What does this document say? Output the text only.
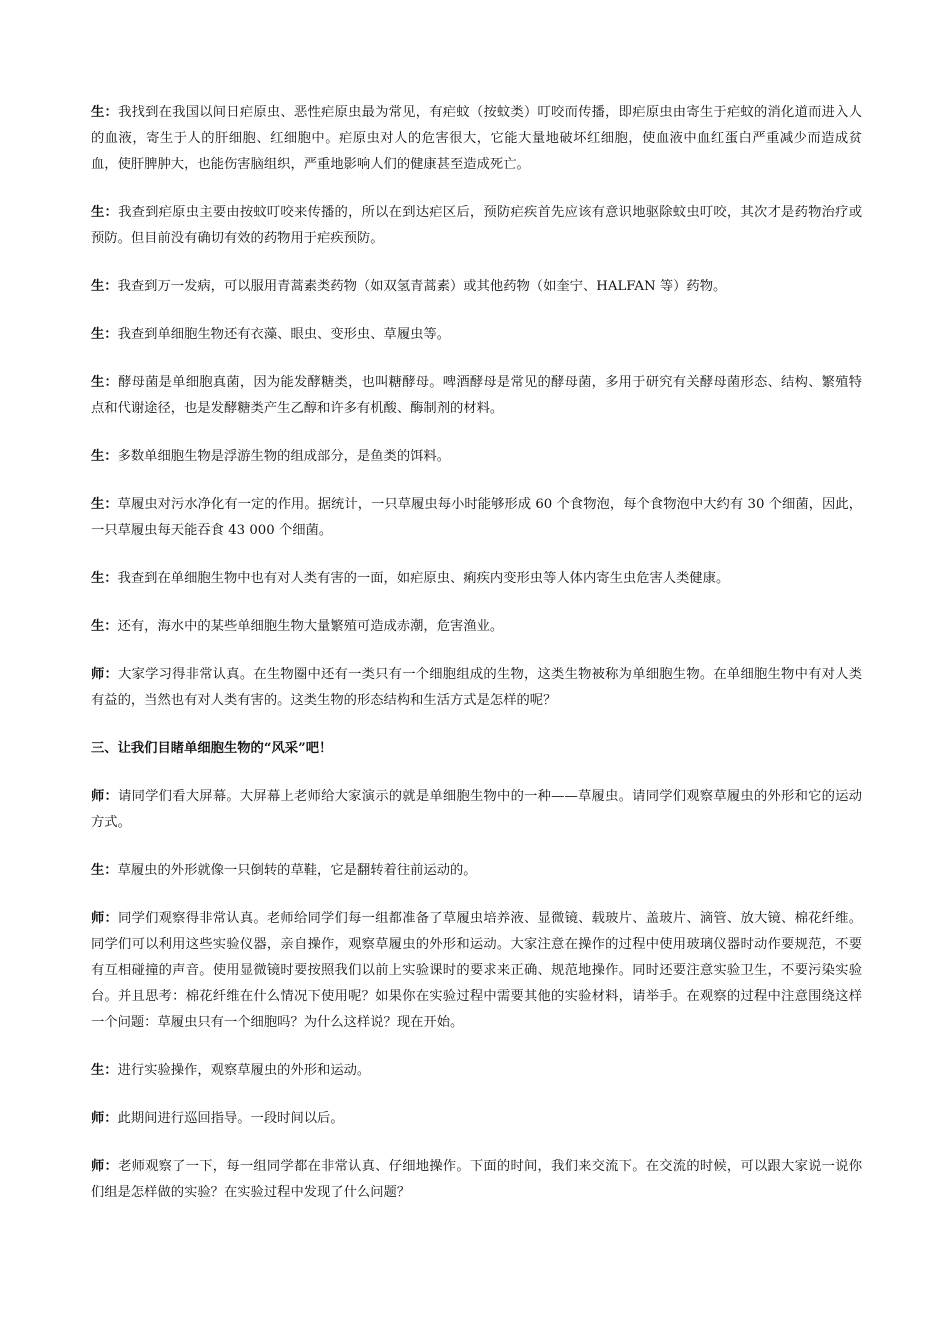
生：我找到在我国以间日疟原虫、恶性疟原虫最为常见，有疟蚊（按蚊类）叮咬而传播，即疟原虫由寄生于疟蚊的消化道而进入人的血液，寄生于人的肝细胞、红细胞中。疟原虫对人的危害很大，它能大量地破坏红细胞，使血液中血红蛋白严重减少而造成贫血，使肝脾肿大，也能伤害脑组织，严重地影响人们的健康甚至造成死亡。

生：我查到疟原虫主要由按蚊叮咬来传播的，所以在到达疟区后，预防疟疾首先应该有意识地驱除蚊虫叮咬，其次才是药物治疗或预防。但目前没有确切有效的药物用于疟疾预防。

生：我查到万一发病，可以服用青蒿素类药物（如双氢青蒿素）或其他药物（如奎宁、HALFAN 等）药物。

生：我查到单细胞生物还有衣藻、眼虫、变形虫、草履虫等。

生：酵母菌是单细胞真菌，因为能发酵糖类，也叫糖酵母。啤酒酵母是常见的酵母菌，多用于研究有关酵母菌形态、结构、繁殖特点和代谢途径，也是发酵糖类产生乙醇和许多有机酸、酶制剂的材料。

生：多数单细胞生物是浮游生物的组成部分，是鱼类的饵料。

生：草履虫对污水净化有一定的作用。据统计，一只草履虫每小时能够形成 60 个食物泡，每个食物泡中大约有 30 个细菌，因此，一只草履虫每天能吞食 43 000 个细菌。

生：我查到在单细胞生物中也有对人类有害的一面，如疟原虫、痢疾内变形虫等人体内寄生虫危害人类健康。

生：还有，海水中的某些单细胞生物大量繁殖可造成赤潮，危害渔业。

师：大家学习得非常认真。在生物圈中还有一类只有一个细胞组成的生物，这类生物被称为单细胞生物。在单细胞生物中有对人类有益的，当然也有对人类有害的。这类生物的形态结构和生活方式是怎样的呢？

三、让我们目睹单细胞生物的“风采”吧！

师：请同学们看大屏幕。大屏幕上老师给大家演示的就是单细胞生物中的一种——草履虫。请同学们观察草履虫的外形和它的运动方式。

生：草履虫的外形就像一只倒转的草鞋，它是翻转着往前运动的。

师：同学们观察得非常认真。老师给同学们每一组都准备了草履虫培养液、显微镜、载玻片、盖玻片、滴管、放大镜、棉花纤维。同学们可以利用这些实验仪器，亲自操作，观察草履虫的外形和运动。大家注意在操作的过程中使用玻璃仪器时动作要规范，不要有互相碰撞的声音。使用显微镜时要按照我们以前上实验课时的要求来正确、规范地操作。同时还要注意实验卫生，不要污染实验台。并且思考：棉花纤维在什么情况下使用呢？如果你在实验过程中需要其他的实验材料，请举手。在观察的过程中注意围绕这样一个问题：草履虫只有一个细胞吗？为什么这样说？现在开始。

生：进行实验操作，观察草履虫的外形和运动。

师：此期间进行巡回指导。一段时间以后。

师：老师观察了一下，每一组同学都在非常认真、仔细地操作。下面的时间，我们来交流下。在交流的时候，可以跟大家说一说你们组是怎样做的实验？在实验过程中发现了什么问题？
